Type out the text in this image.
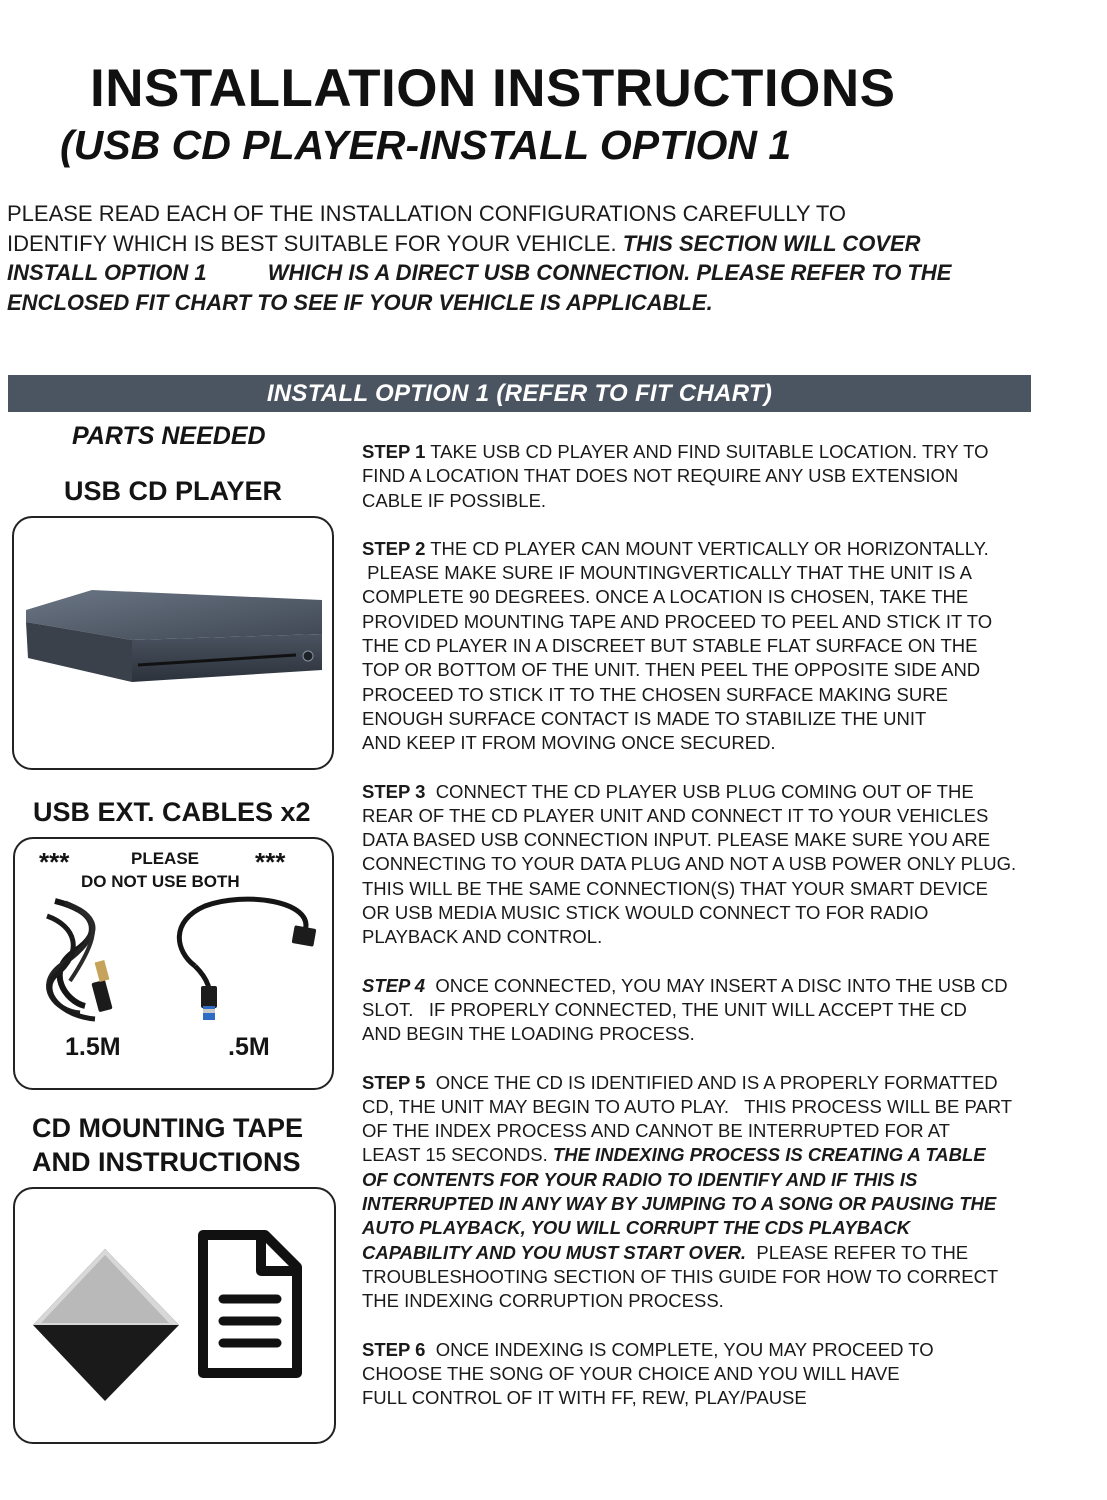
INSTALLATION INSTRUCTIONS
(USB CD PLAYER-INSTALL OPTION 1
PLEASE READ EACH OF THE INSTALLATION CONFIGURATIONS CAREFULLY TO
IDENTIFY WHICH IS BEST SUITABLE FOR YOUR VEHICLE. THIS SECTION WILL COVER
INSTALL OPTION 1          WHICH IS A DIRECT USB CONNECTION. PLEASE REFER TO THE
ENCLOSED FIT CHART TO SEE IF YOUR VEHICLE IS APPLICABLE.
INSTALL OPTION 1 (REFER TO FIT CHART)
PARTS NEEDED
USB CD PLAYER
USB EXT. CABLES x2
***	PLEASE ***
DO NOT USE BOTH
1.5M	.5M
CD MOUNTING TAPE
AND INSTRUCTIONS
STEP 1 TAKE USB CD PLAYER AND FIND SUITABLE LOCATION. TRY TO
FIND A LOCATION THAT DOES NOT REQUIRE ANY USB EXTENSION
CABLE IF POSSIBLE.
STEP 2 THE CD PLAYER CAN MOUNT VERTICALLY OR HORIZONTALLY.
PLEASE MAKE SURE IF MOUNTINGVERTICALLY THAT THE UNIT IS A
COMPLETE 90 DEGREES. ONCE A LOCATION IS CHOSEN, TAKE THE
PROVIDED MOUNTING TAPE AND PROCEED TO PEEL AND STICK IT TO
THE CD PLAYER IN A DISCREET BUT STABLE FLAT SURFACE ON THE
TOP OR BOTTOM OF THE UNIT. THEN PEEL THE OPPOSITE SIDE AND
PROCEED TO STICK IT TO THE CHOSEN SURFACE MAKING SURE
ENOUGH SURFACE CONTACT IS MADE TO STABILIZE THE UNIT
AND KEEP IT FROM MOVING ONCE SECURED.
STEP 3  CONNECT THE CD PLAYER USB PLUG COMING OUT OF THE
REAR OF THE CD PLAYER UNIT AND CONNECT IT TO YOUR VEHICLES
DATA BASED USB CONNECTION INPUT. PLEASE MAKE SURE YOU ARE
CONNECTING TO YOUR DATA PLUG AND NOT A USB POWER ONLY PLUG.
THIS WILL BE THE SAME CONNECTION(S) THAT YOUR SMART DEVICE
OR USB MEDIA MUSIC STICK WOULD CONNECT TO FOR RADIO
PLAYBACK AND CONTROL.
STEP 4  ONCE CONNECTED, YOU MAY INSERT A DISC INTO THE USB CD
SLOT.   IF PROPERLY CONNECTED, THE UNIT WILL ACCEPT THE CD
AND BEGIN THE LOADING PROCESS.
STEP 5  ONCE THE CD IS IDENTIFIED AND IS A PROPERLY FORMATTED
CD, THE UNIT MAY BEGIN TO AUTO PLAY.   THIS PROCESS WILL BE PART
OF THE INDEX PROCESS AND CANNOT BE INTERRUPTED FOR AT
LEAST 15 SECONDS. THE INDEXING PROCESS IS CREATING A TABLE
OF CONTENTS FOR YOUR RADIO TO IDENTIFY AND IF THIS IS
INTERRUPTED IN ANY WAY BY JUMPING TO A SONG OR PAUSING THE
AUTO PLAYBACK, YOU WILL CORRUPT THE CDS PLAYBACK
CAPABILITY AND YOU MUST START OVER.  PLEASE REFER TO THE
TROUBLESHOOTING SECTION OF THIS GUIDE FOR HOW TO CORRECT
THE INDEXING CORRUPTION PROCESS.
STEP 6  ONCE INDEXING IS COMPLETE, YOU MAY PROCEED TO
CHOOSE THE SONG OF YOUR CHOICE AND YOU WILL HAVE
FULL CONTROL OF IT WITH FF, REW, PLAY/PAUSE
